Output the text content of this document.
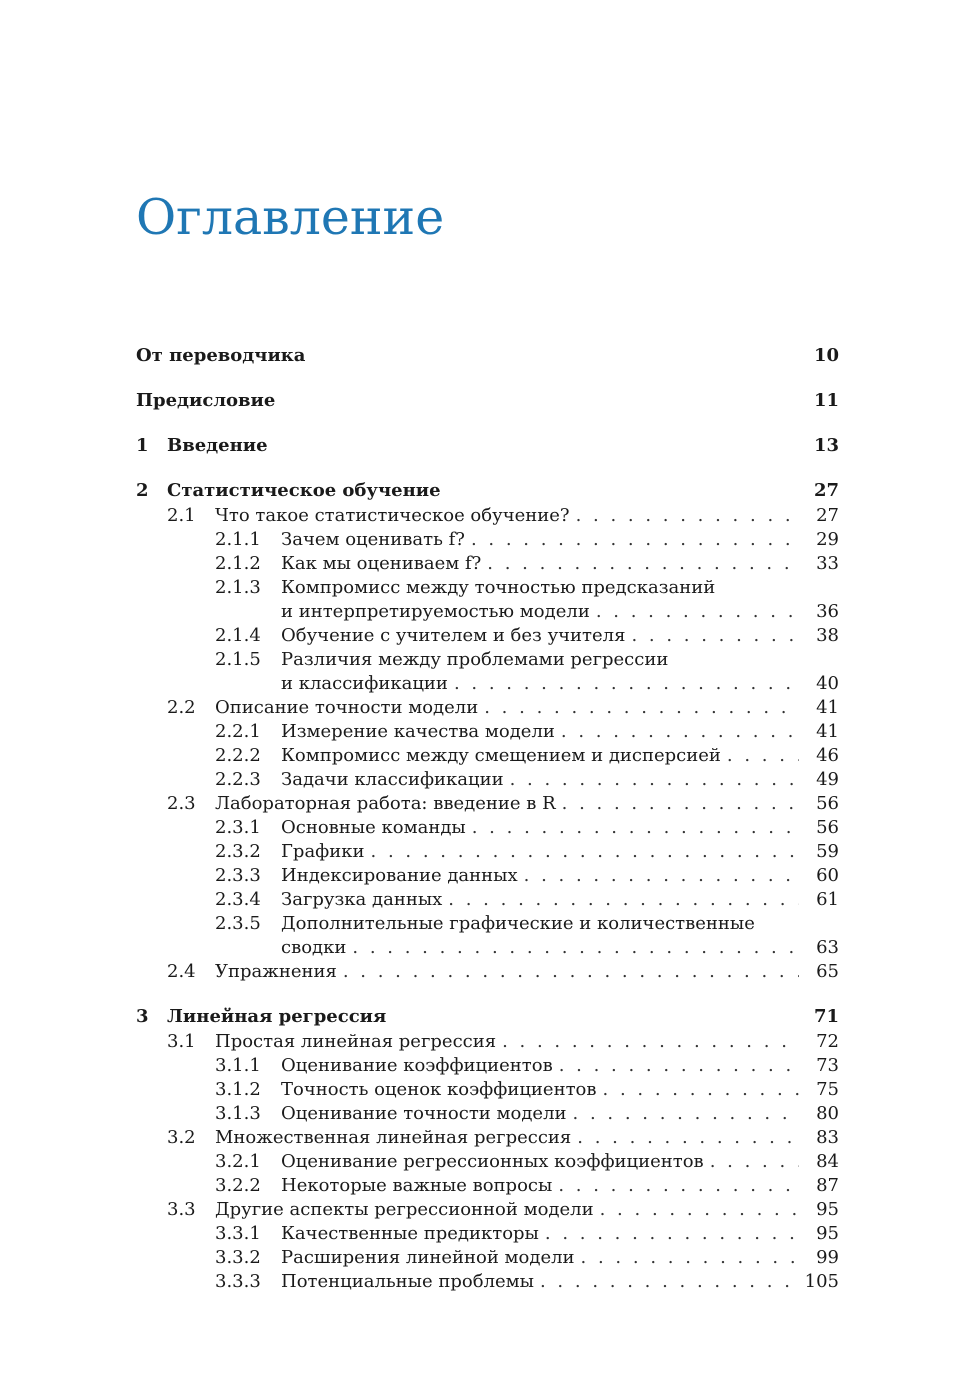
Оглавление
От переводчика	10
Предисловие	11
1 Введение	13
2 Статистическое обучение	27
2.1 Что такое статистическое обучение? . . .	27
2.1.1 Зачем оценивать f? . . .	29
2.1.2 Как мы оцениваем f? . . .	33
2.1.3 Компромисс между точностью предсказаний
и интерпретируемостью модели . . .	36
2.1.4 Обучение с учителем и без учителя . . .	38
2.1.5 Различия между проблемами регрессии
и классификации . . .	40
2.2 Описание точности модели . . .	41
2.2.1 Измерение качества модели . . .	41
2.2.2 Компромисс между смещением и дисперсией . . .	46
2.2.3 Задачи классификации . . .	49
2.3 Лабораторная работа: введение в R . . .	56
2.3.1 Основные команды . . .	56
2.3.2 Графики . . .	59
2.3.3 Индексирование данных . . .	60
2.3.4 Загрузка данных . . .	61
2.3.5 Дополнительные графические и количественные
сводки . . .	63
2.4 Упражнения . . .	65
3 Линейная регрессия	71
3.1 Простая линейная регрессия . . .	72
3.1.1 Оценивание коэффициентов . . .	73
3.1.2 Точность оценок коэффициентов . . .	75
3.1.3 Оценивание точности модели . . .	80
3.2 Множественная линейная регрессия . . .	83
3.2.1 Оценивание регрессионных коэффициентов . . .	84
3.2.2 Некоторые важные вопросы . . .	87
3.3 Другие аспекты регрессионной модели . . .	95
3.3.1 Качественные предикторы . . .	95
3.3.2 Расширения линейной модели . . .	99
3.3.3 Потенциальные проблемы . . .	105
